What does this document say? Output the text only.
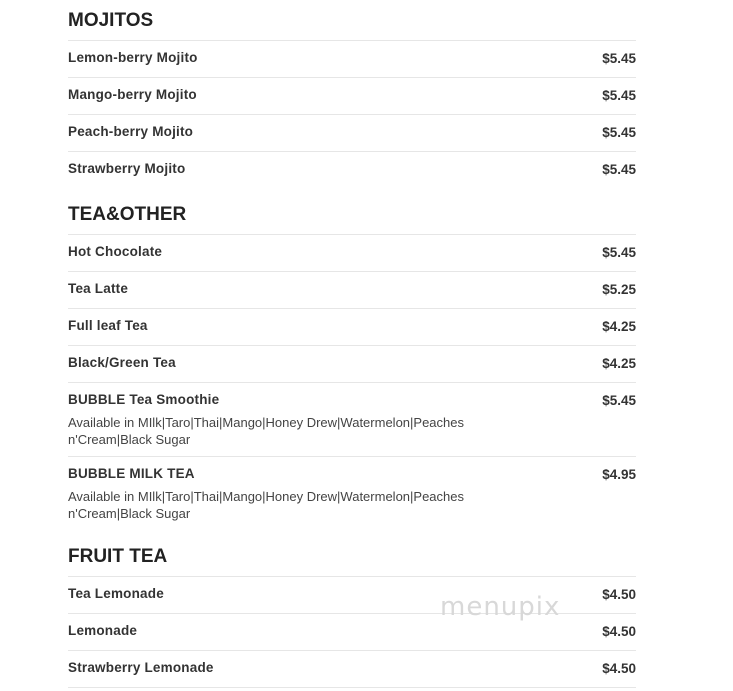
MOJITOS
Lemon-berry Mojito	$5.45
Mango-berry Mojito	$5.45
Peach-berry Mojito	$5.45
Strawberry Mojito	$5.45
TEA&OTHER
Hot Chocolate	$5.45
Tea Latte	$5.25
Full leaf Tea	$4.25
Black/Green Tea	$4.25
BUBBLE Tea Smoothie	$5.45
Available in MIlk|Taro|Thai|Mango|Honey Drew|Watermelon|Peaches n'Cream|Black Sugar
BUBBLE MILK TEA	$4.95
Available in MIlk|Taro|Thai|Mango|Honey Drew|Watermelon|Peaches n'Cream|Black Sugar
FRUIT TEA
Tea Lemonade	$4.50
Lemonade	$4.50
Strawberry Lemonade	$4.50
menupix
